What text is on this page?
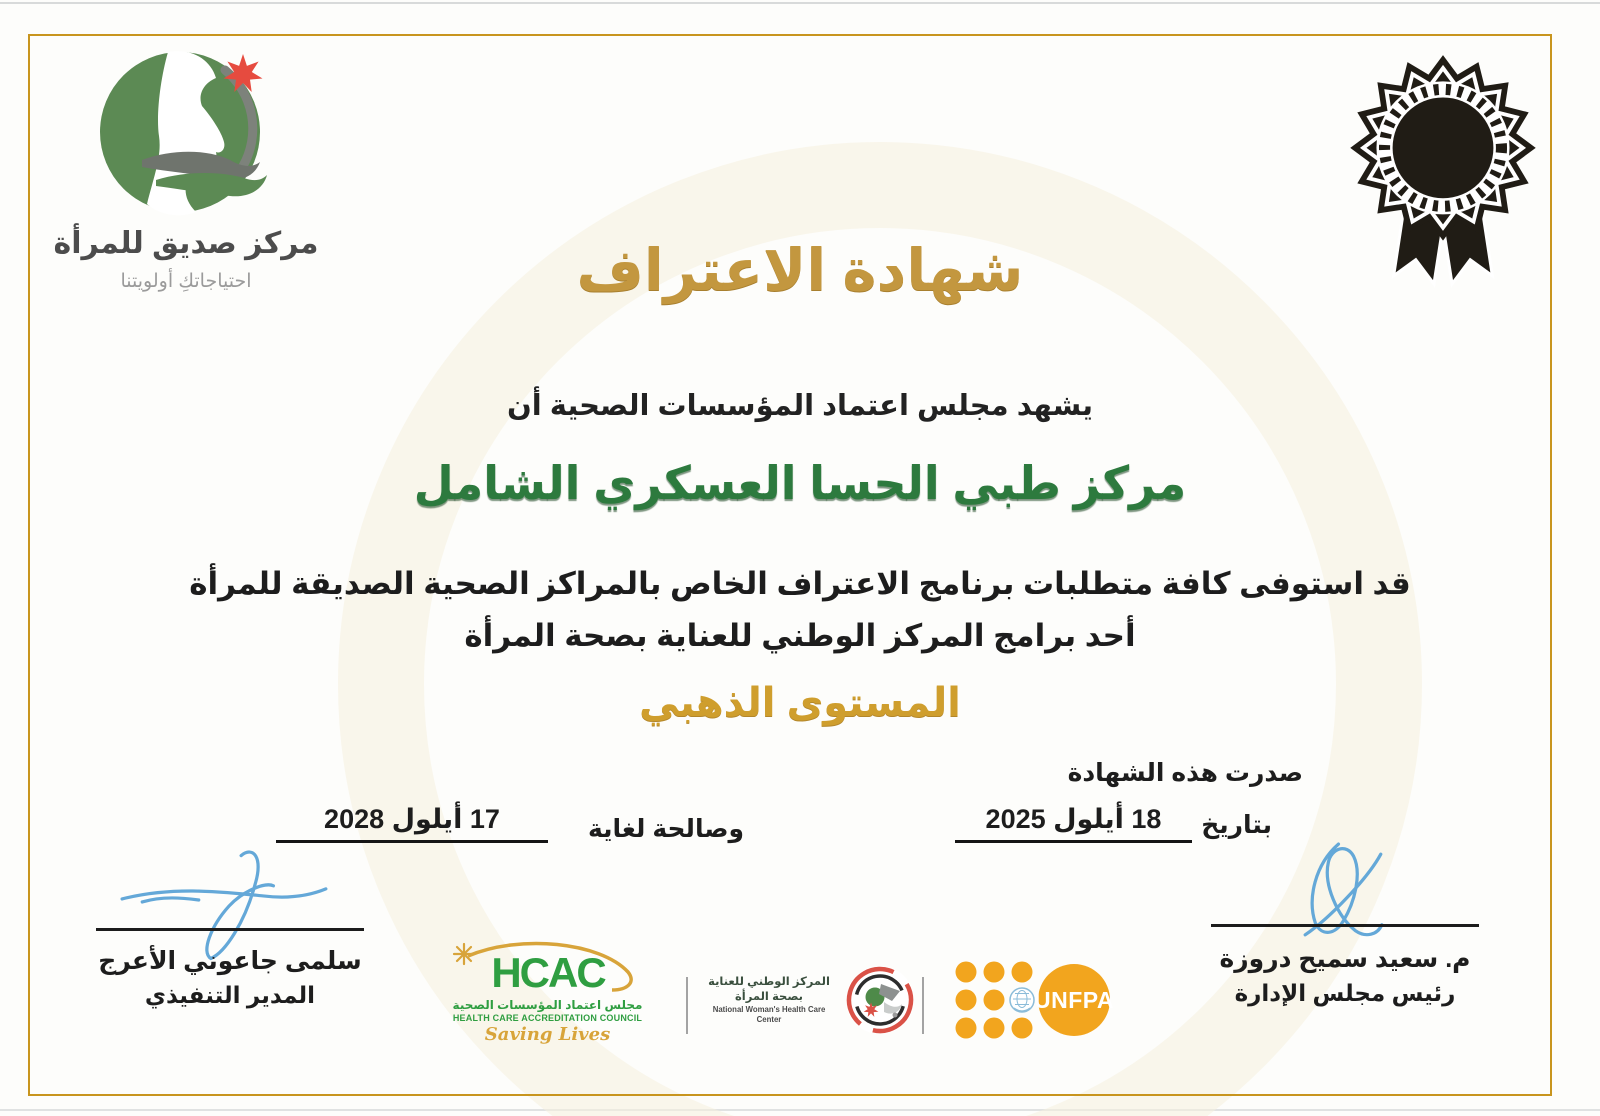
مركز صديق للمرأة
احتياجاتكِ أولويتنا	شهادة الاعتراف
يشهد مجلس اعتماد المؤسسات الصحية أن
مركز طبي الحسا العسكري الشامل
قد استوفى كافة متطلبات برنامج الاعتراف الخاص بالمراكز الصحية الصديقة للمرأة
أحد برامج المركز الوطني للعناية بصحة المرأة
المستوى الذهبي
صدرت هذه الشهادة
بتاريخ
18 أيلول 2025
وصالحة لغاية
17 أيلول 2028
سلمى جاعوني الأعرج
المدير التنفيذي
م. سعيد سميح دروزة
رئيس مجلس الإدارة
HCAC
مجلس اعتماد المؤسسات الصحية
HEALTH CARE ACCREDITATION COUNCIL
Saving Lives
المركز الوطني للعناية بصحة المرأة
National Woman's Health Care Center
UNFPA
